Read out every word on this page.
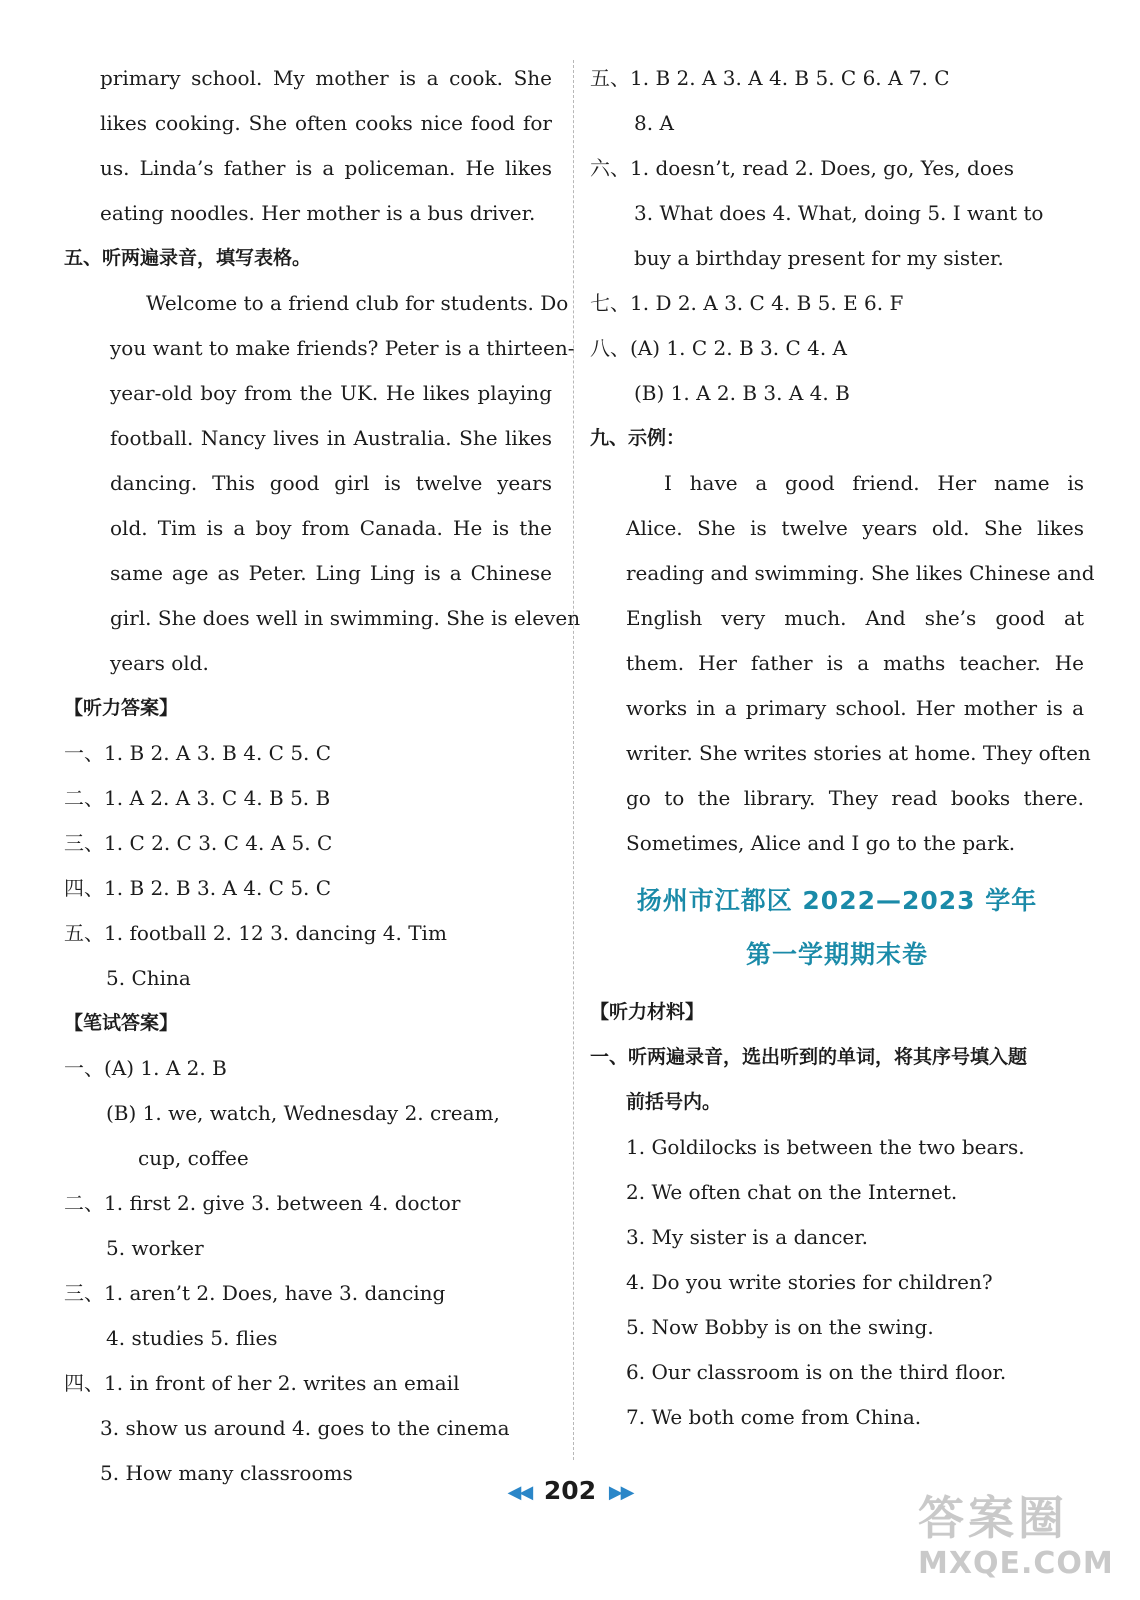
primary school. My mother is a cook. She
likes cooking. She often cooks nice food for
us. Linda’s father is a policeman. He likes
eating noodles. Her mother is a bus driver.
五、听两遍录音，填写表格。
Welcome to a friend club for students. Do
you want to make friends? Peter is a thirteen-
year-old boy from the UK. He likes playing
football. Nancy lives in Australia. She likes
dancing. This good girl is twelve years
old. Tim is a boy from Canada. He is the
same age as Peter. Ling Ling is a Chinese
girl. She does well in swimming. She is eleven
years old.
【听力答案】
一、1. B 2. A 3. B 4. C 5. C
二、1. A 2. A 3. C 4. B 5. B
三、1. C 2. C 3. C 4. A 5. C
四、1. B 2. B 3. A 4. C 5. C
五、1. football 2. 12 3. dancing 4. Tim
5. China
【笔试答案】
一、(A) 1. A 2. B
(B) 1. we, watch, Wednesday 2. cream,
cup, coffee
二、1. first 2. give 3. between 4. doctor
5. worker
三、1. aren’t 2. Does, have 3. dancing
4. studies 5. flies
四、1. in front of her 2. writes an email
3. show us around 4. goes to the cinema
5. How many classrooms
五、1. B 2. A 3. A 4. B 5. C 6. A 7. C
8. A
六、1. doesn’t, read 2. Does, go, Yes, does
3. What does 4. What, doing 5. I want to
buy a birthday present for my sister.
七、1. D 2. A 3. C 4. B 5. E 6. F
八、(A) 1. C 2. B 3. C 4. A
(B) 1. A 2. B 3. A 4. B
九、示例：
I have a good friend. Her name is
Alice. She is twelve years old. She likes
reading and swimming. She likes Chinese and
English very much. And she’s good at
them. Her father is a maths teacher. He
works in a primary school. Her mother is a
writer. She writes stories at home. They often
go to the library. They read books there.
Sometimes, Alice and I go to the park.
扬州市江都区 2022—2023 学年
第一学期期末卷
【听力材料】
一、听两遍录音，选出听到的单词，将其序号填入题
前括号内。
1. Goldilocks is between the two bears.
2. We often chat on the Internet.
3. My sister is a dancer.
4. Do you write stories for children?
5. Now Bobby is on the swing.
6. Our classroom is on the third floor.
7. We both come from China.
◀◀ 202 ▶▶	答案圈
MXQE.COM
